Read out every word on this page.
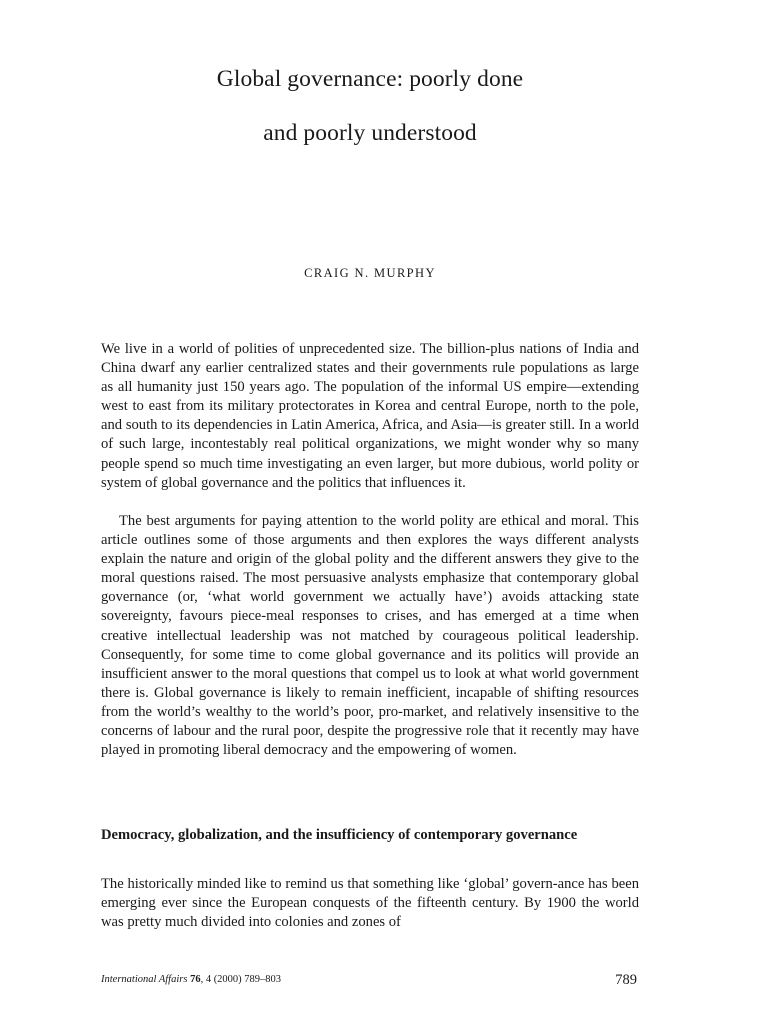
Global governance: poorly done
and poorly understood
CRAIG N. MURPHY

We live in a world of polities of unprecedented size. The billion-plus nations of India and China dwarf any earlier centralized states and their governments rule populations as large as all humanity just 150 years ago. The population of the informal US empire—extending west to east from its military protectorates in Korea and central Europe, north to the pole, and south to its dependencies in Latin America, Africa, and Asia—is greater still. In a world of such large, incontestably real political organizations, we might wonder why so many people spend so much time investigating an even larger, but more dubious, world polity or system of global governance and the politics that influences it.

The best arguments for paying attention to the world polity are ethical and moral. This article outlines some of those arguments and then explores the ways different analysts explain the nature and origin of the global polity and the different answers they give to the moral questions raised. The most persuasive analysts emphasize that contemporary global governance (or, ‘what world government we actually have’) avoids attacking state sovereignty, favours piece-meal responses to crises, and has emerged at a time when creative intellectual leadership was not matched by courageous political leadership. Consequently, for some time to come global governance and its politics will provide an insufficient answer to the moral questions that compel us to look at what world government there is. Global governance is likely to remain inefficient, incapable of shifting resources from the world’s wealthy to the world’s poor, pro-market, and relatively insensitive to the concerns of labour and the rural poor, despite the progressive role that it recently may have played in promoting liberal democracy and the empowering of women.

Democracy, globalization, and the insufficiency of contemporary governance

The historically minded like to remind us that something like ‘global’ govern-ance has been emerging ever since the European conquests of the fifteenth century. By 1900 the world was pretty much divided into colonies and zones of

International Affairs 76, 4 (2000) 789–803	789
